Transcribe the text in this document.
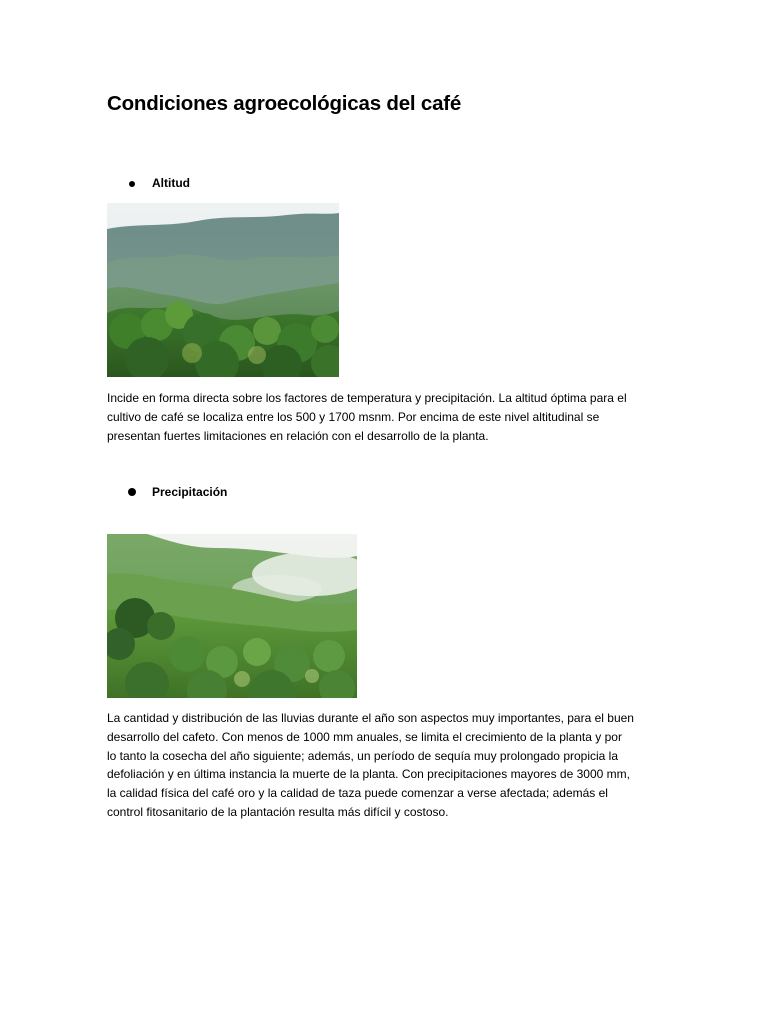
Condiciones agroecológicas del café
Altitud

Incide en forma directa sobre los factores de temperatura y precipitación. La altitud óptima para el
cultivo de café se localiza entre los 500 y 1700 msnm. Por encima de este nivel altitudinal se
presentan fuertes limitaciones en relación con el desarrollo de la planta.

Precipitación

La cantidad y distribución de las lluvias durante el año son aspectos muy importantes, para el buen
desarrollo del cafeto. Con menos de 1000 mm anuales, se limita el crecimiento de la planta y por
lo tanto la cosecha del año siguiente; además, un período de sequía muy prolongado propicia la
defoliación y en última instancia la muerte de la planta. Con precipitaciones mayores de 3000 mm,
la calidad física del café oro y la calidad de taza puede comenzar a verse afectada; además el
control fitosanitario de la plantación resulta más difícil y costoso.
